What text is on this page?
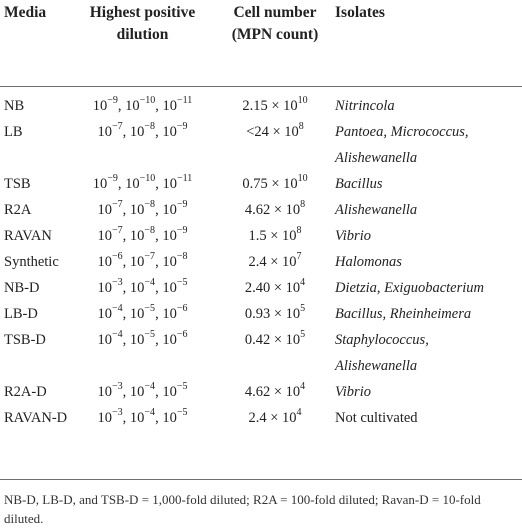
Media	Highest positive dilution	Cell number (MPN count)	Isolates
NB	$10^{-9}$, $10^{-10}$, $10^{-11}$	$2.15 \times 10^{10}$	Nitrincola
LB	$10^{-7}$, $10^{-8}$, $10^{-9}$	$<24 \times 10^8$	Pantoea, Micrococcus,
Alishewanella
TSB	$10^{-9}$, $10^{-10}$, $10^{-11}$	$0.75 \times 10^{10}$	Bacillus
R2A	$10^{-7}$, $10^{-8}$, $10^{-9}$	$4.62 \times 10^8$	Alishewanella
RAVAN	$10^{-7}$, $10^{-8}$, $10^{-9}$	$1.5 \times 10^8$	Vibrio
Synthetic	$10^{-6}$, $10^{-7}$, $10^{-8}$	$2.4 \times 10^7$	Halomonas
NB-D	$10^{-3}$, $10^{-4}$, $10^{-5}$	$2.40 \times 10^4$	Dietzia, Exiguobacterium
LB-D	$10^{-4}$, $10^{-5}$, $10^{-6}$	$0.93 \times 10^5$	Bacillus, Rheinheimera
TSB-D	$10^{-4}$, $10^{-5}$, $10^{-6}$	$0.42 \times 10^5$	Staphylococcus,
Alishewanella
R2A-D	$10^{-3}$, $10^{-4}$, $10^{-5}$	$4.62 \times 10^4$	Vibrio
RAVAN-D	$10^{-3}$, $10^{-4}$, $10^{-5}$	$2.4 \times 10^4$	Not cultivated
NB-D, LB-D, and TSB-D = 1,000-fold diluted; R2A = 100-fold diluted; Ravan-D = 10-fold diluted.
